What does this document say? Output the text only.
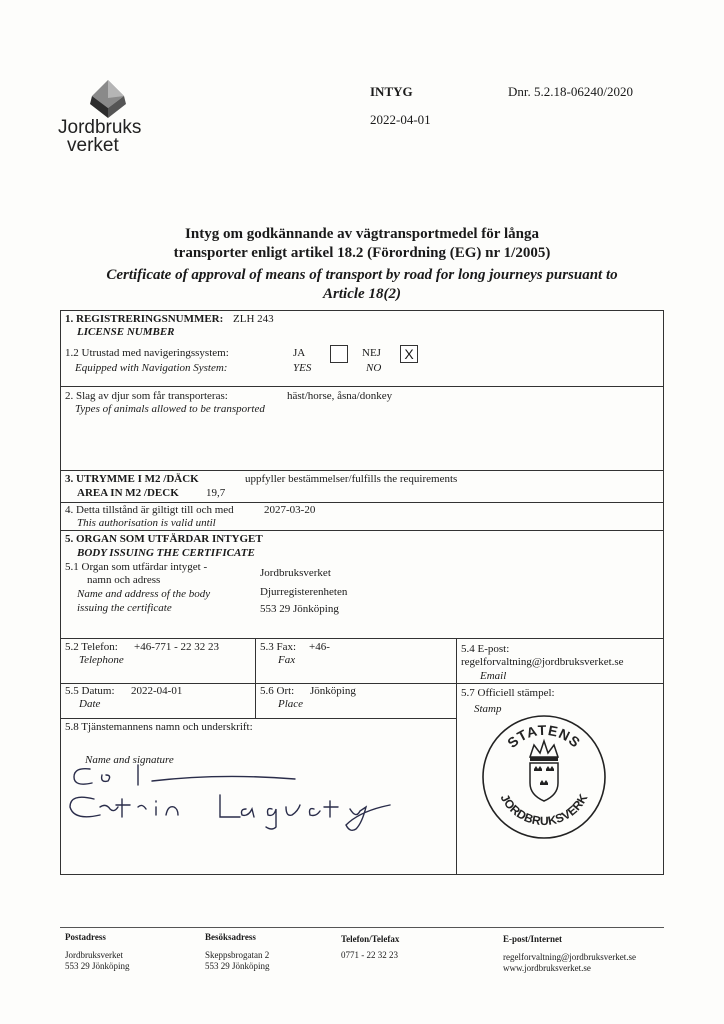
Jordbruks
verket
INTYG	Dnr. 5.2.18-06240/2020
2022-04-01
Intyg om godkännande av vägtransportmedel för långa
transporter enligt artikel 18.2 (Förordning (EG) nr 1/2005)
Certificate of approval of means of transport by road for long journeys pursuant to
Article 18(2)
1. REGISTRERINGSNUMMER: ZLH 243
LICENSE NUMBER
1.2 Utrustad med navigeringssystem:
Equipped with Navigation System:
JA
YES
NEJ
NO
X
2. Slag av djur som får transporteras:
Types of animals allowed to be transported
häst/horse, åsna/donkey
3. UTRYMME I M2 /DÄCK	uppfyller bestämmelser/fulfills the requirements
AREA IN M2 /DECK 19,7
4. Detta tillstånd är giltigt till och med	2027-03-20
This authorisation is valid until
5. ORGAN SOM UTFÄRDAR INTYGET
BODY ISSUING THE CERTIFICATE
5.1 Organ som utfärdar intyget -
namn och adress
Name and address of the body
issuing the certificate
Jordbruksverket
Djurregisterenheten
553 29 Jönköping
5.2 Telefon: +46-771 - 22 32 23
Telephone
5.3 Fax: +46-
Fax
5.4 E-post:
regelforvaltning@jordbruksverket.se
Email
5.5 Datum: 2022-04-01
Date
5.6 Ort: Jönköping
Place
5.7 Officiell stämpel:
Stamp
STATENS
JORDBRUKSVERK
5.8 Tjänstemannens namn och underskrift:
Name and signature
Postadress
Jordbruksverket
553 29 Jönköping
Besöksadress
Skeppsbrogatan 2
553 29 Jönköping
Telefon/Telefax
0771 - 22 32 23
E-post/Internet
regelforvaltning@jordbruksverket.se
www.jordbruksverket.se
